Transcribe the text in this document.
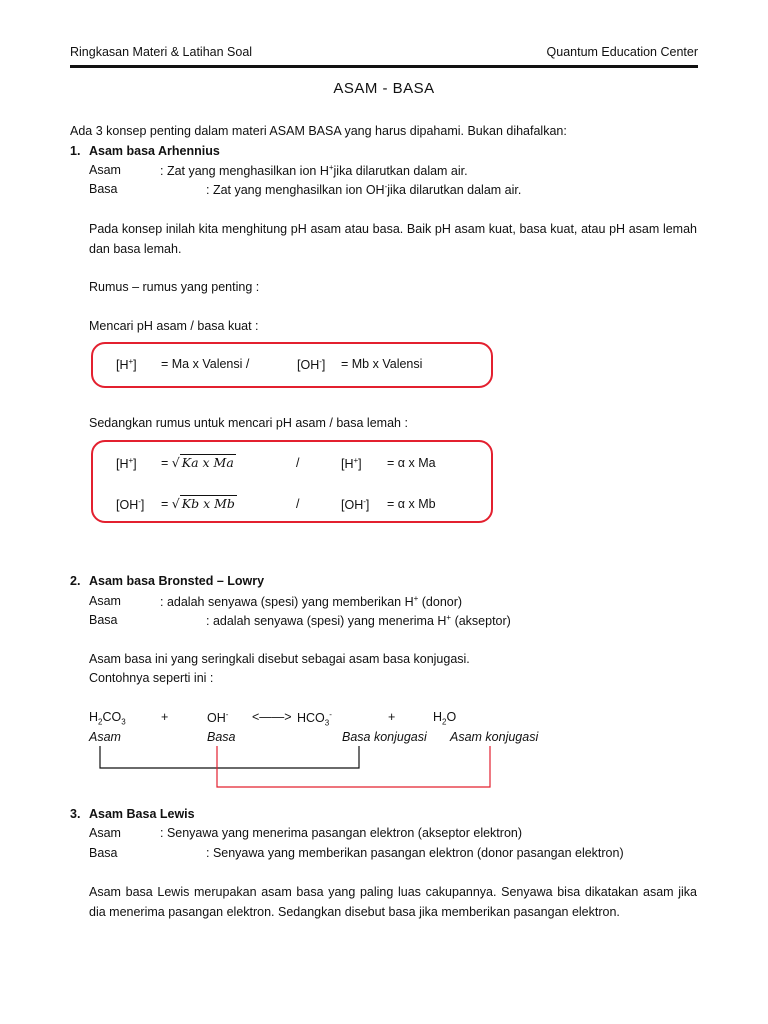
Ringkasan Materi & Latihan Soal	Quantum Education Center
ASAM - BASA
Ada 3 konsep penting dalam materi ASAM BASA yang harus dipahami. Bukan dihafalkan:
1. Asam basa Arhennius
Asam	: Zat yang menghasilkan ion H+jika dilarutkan dalam air.
Basa	: Zat yang menghasilkan ion OH-jika dilarutkan dalam air.

Pada konsep inilah kita menghitung pH asam atau basa. Baik pH asam kuat, basa kuat, atau pH asam lemah dan basa lemah.

Rumus – rumus yang penting :
Mencari pH asam / basa kuat :
[H+] = Ma x Valensi /	[OH-] = Mb x Valensi
Sedangkan rumus untuk mencari pH asam / basa lemah :
[H+] = √ Ka x Ma	/	[H+] = α x Ma
[OH-] = √ Kb x Mb	/	[OH-] = α x Mb
2. Asam basa Bronsted – Lowry
Asam	: adalah senyawa (spesi) yang memberikan H+ (donor)
Basa	: adalah senyawa (spesi) yang menerima H+ (akseptor)
Asam basa ini yang seringkali disebut sebagai asam basa konjugasi.
Contohnya seperti ini :
$H_2CO_3$	+	OH- <——> $HCO_3^-$	+	$H_2O$
Asam	Basa	Basa konjugasi Asam konjugasi
3. Asam Basa Lewis
Asam	: Senyawa yang menerima pasangan elektron (akseptor elektron)
Basa	: Senyawa yang memberikan pasangan elektron (donor pasangan elektron)

Asam basa Lewis merupakan asam basa yang paling luas cakupannya. Senyawa bisa dikatakan asam jika dia menerima pasangan elektron. Sedangkan disebut basa jika memberikan pasangan elektron.
